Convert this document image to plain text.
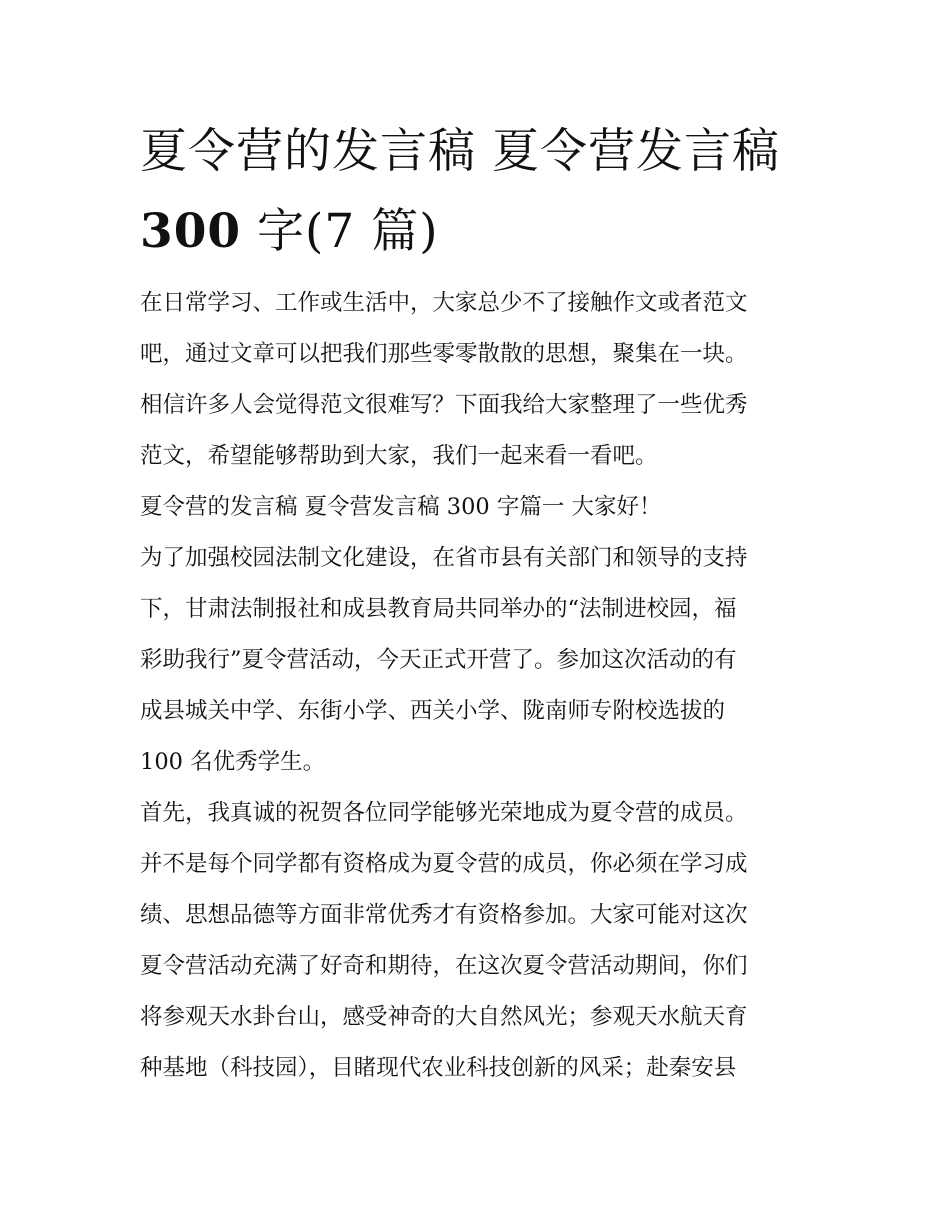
夏令营的发言稿 夏令营发言稿
300 字(7 篇)

在日常学习、工作或生活中，大家总少不了接触作文或者范文

吧，通过文章可以把我们那些零零散散的思想，聚集在一块。

相信许多人会觉得范文很难写？下面我给大家整理了一些优秀

范文，希望能够帮助到大家，我们一起来看一看吧。

夏令营的发言稿 夏令营发言稿 300 字篇一 大家好！

为了加强校园法制文化建设，在省市县有关部门和领导的支持

下，甘肃法制报社和成县教育局共同举办的“法制进校园，福

彩助我行”夏令营活动，今天正式开营了。参加这次活动的有

成县城关中学、东街小学、西关小学、陇南师专附校选拔的

100 名优秀学生。

首先，我真诚的祝贺各位同学能够光荣地成为夏令营的成员。

并不是每个同学都有资格成为夏令营的成员，你必须在学习成

绩、思想品德等方面非常优秀才有资格参加。大家可能对这次

夏令营活动充满了好奇和期待，在这次夏令营活动期间，你们

将参观天水卦台山，感受神奇的大自然风光；参观天水航天育

种基地（科技园），目睹现代农业科技创新的风采；赴秦安县
